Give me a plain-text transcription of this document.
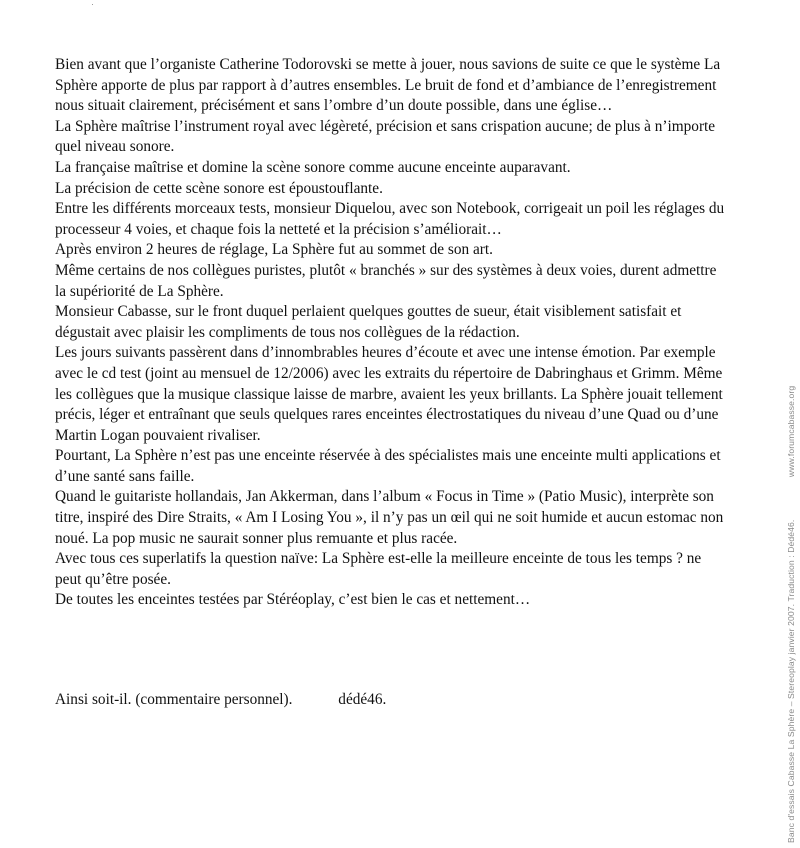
Bien avant que l’organiste Catherine Todorovski se mette à jouer, nous savions de suite ce que le système La Sphère apporte de plus par rapport à d’autres ensembles. Le bruit de fond et d’ambiance de l’enregistrement nous situait clairement, précisément et sans l’ombre d’un doute possible, dans une église…

La Sphère maîtrise l’instrument royal avec légèreté, précision et sans crispation aucune; de plus à n’importe quel niveau sonore.

La française maîtrise et domine la scène sonore comme aucune enceinte auparavant.

La précision de cette scène sonore est époustouflante.

Entre les différents morceaux tests, monsieur Diquelou, avec son Notebook, corrigeait un poil les réglages du processeur 4 voies, et chaque fois la netteté et la précision s’améliorait…

Après environ 2 heures de réglage, La Sphère fut au sommet de son art.

Même certains de nos collègues puristes, plutôt « branchés » sur des systèmes à deux voies, durent admettre la supériorité de La Sphère.

Monsieur Cabasse, sur le front duquel perlaient quelques gouttes de sueur, était visiblement satisfait et dégustait avec plaisir les compliments de tous nos collègues de la rédaction.

Les jours suivants passèrent dans d’innombrables heures d’écoute et avec une intense émotion. Par exemple avec le cd test (joint au mensuel de 12/2006) avec les extraits du répertoire de Dabringhaus et Grimm. Même les collègues que la musique classique laisse de marbre, avaient les yeux brillants. La Sphère jouait tellement précis, léger et entraînant que seuls quelques rares enceintes électrostatiques du niveau d’une Quad ou d’une Martin Logan pouvaient rivaliser.

Pourtant, La Sphère n’est pas une enceinte réservée à des spécialistes mais une enceinte multi applications et d’une santé sans faille.

Quand le guitariste hollandais, Jan Akkerman, dans l’album « Focus in Time » (Patio Music), interprète son titre, inspiré des Dire Straits, « Am I Losing You », il n’y pas un œil qui ne soit humide et aucun estomac non noué. La pop music ne saurait sonner plus remuante et plus racée.

Avec tous ces superlatifs la question naïve: La Sphère est-elle la meilleure enceinte de tous les temps ? ne peut qu’être posée.

De toutes les enceintes testées par Stéréoplay, c’est bien le cas et nettement…

Ainsi soit-il. (commentaire personnel).	dédé46.	Banc d'essais Cabasse La Sphère – Stereoplay janvier 2007. Traduction : Dédé46. www.forumcabasse.org
